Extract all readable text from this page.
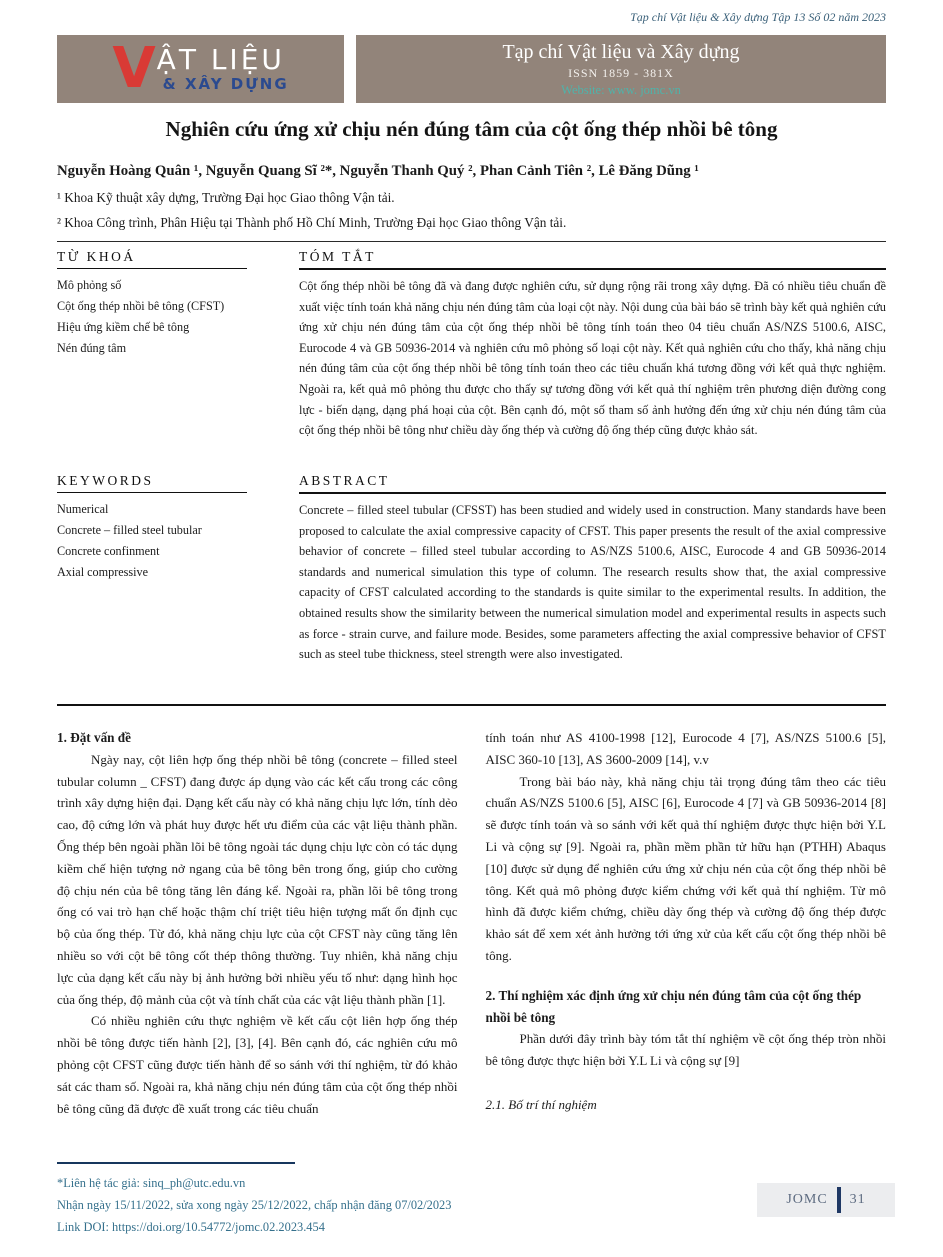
Tạp chí Vật liệu & Xây dựng Tập 13 Số 02 năm 2023
V ẬT LIỆU
& XÂY DỰNG
Tạp chí Vật liệu và Xây dựng
ISSN 1859 - 381X
Website: www. jomc.vn
Nghiên cứu ứng xử chịu nén đúng tâm của cột ống thép nhồi bê tông
Nguyễn Hoàng Quân ¹, Nguyễn Quang Sĩ ²*, Nguyễn Thanh Quý ², Phan Cảnh Tiên ², Lê Đăng Dũng ¹
¹ Khoa Kỹ thuật xây dựng, Trường Đại học Giao thông Vận tải.
² Khoa Công trình, Phân Hiệu tại Thành phố Hồ Chí Minh, Trường Đại học Giao thông Vận tải.
TỪ KHOÁ
Mô phỏng số
Cột ống thép nhồi bê tông (CFST)
Hiệu ứng kiềm chế bê tông
Nén đúng tâm
TÓM TẮT

Cột ống thép nhồi bê tông đã và đang được nghiên cứu, sử dụng rộng rãi trong xây dựng. Đã có nhiều tiêu chuẩn đề xuất việc tính toán khả năng chịu nén đúng tâm của loại cột này. Nội dung của bài báo sẽ trình bày kết quả nghiên cứu ứng xử chịu nén đúng tâm của cột ống thép nhồi bê tông tính toán theo 04 tiêu chuẩn AS/NZS 5100.6, AISC, Eurocode 4 và GB 50936-2014 và nghiên cứu mô phỏng số loại cột này. Kết quả nghiên cứu cho thấy, khả năng chịu nén đúng tâm của cột ống thép nhồi bê tông tính toán theo các tiêu chuẩn khá tương đồng với kết quả thực nghiệm. Ngoài ra, kết quả mô phỏng thu được cho thấy sự tương đồng với kết quả thí nghiệm trên phương diện đường cong lực - biến dạng, dạng phá hoại của cột. Bên cạnh đó, một số tham số ảnh hưởng đến ứng xử chịu nén đúng tâm của cột ống thép nhồi bê tông như chiều dày ống thép và cường độ ống thép cũng được khảo sát.

KEYWORDS
Numerical
Concrete – filled steel tubular
Concrete confinment
Axial compressive
ABSTRACT

Concrete – filled steel tubular (CFSST) has been studied and widely used in construction. Many standards have been proposed to calculate the axial compressive capacity of CFST. This paper presents the result of the axial compressive behavior of concrete – filled steel tubular according to AS/NZS 5100.6, AISC, Eurocode 4 and GB 50936-2014 standards and numerical simulation this type of column. The research results show that, the axial compressive capacity of CFST calculated according to the standards is quite similar to the experimental results. In addition, the obtained results show the similarity between the numerical simulation model and experimental results in aspects such as force - strain curve, and failure mode. Besides, some parameters affecting the axial compressive behavior of CFST such as steel tube thickness, steel strength were also investigated.

1. Đặt vấn đề

Ngày nay, cột liên hợp ống thép nhồi bê tông (concrete – filled steel tubular column _ CFST) đang được áp dụng vào các kết cấu trong các công trình xây dựng hiện đại. Dạng kết cấu này có khả năng chịu lực lớn, tính dẻo cao, độ cứng lớn và phát huy được hết ưu điểm của các vật liệu thành phần. Ống thép bên ngoài phần lõi bê tông ngoài tác dụng chịu lực còn có tác dụng kiềm chế hiện tượng nở ngang của bê tông bên trong ống, giúp cho cường độ chịu nén của bê tông tăng lên đáng kể. Ngoài ra, phần lõi bê tông trong ống có vai trò hạn chế hoặc thậm chí triệt tiêu hiện tượng mất ổn định cục bộ của ống thép. Từ đó, khả năng chịu lực của cột CFST này cũng tăng lên nhiều so với cột bê tông cốt thép thông thường. Tuy nhiên, khả năng chịu lực của dạng kết cấu này bị ảnh hưởng bởi nhiều yếu tố như: dạng hình học của ống thép, độ mảnh của cột và tính chất của các vật liệu thành phần [1].

Có nhiều nghiên cứu thực nghiệm về kết cấu cột liên hợp ống thép nhồi bê tông được tiến hành [2], [3], [4]. Bên cạnh đó, các nghiên cứu mô phỏng cột CFST cũng được tiến hành để so sánh với thí nghiệm, từ đó khảo sát các tham số. Ngoài ra, khả năng chịu nén đúng tâm của cột ống thép nhồi bê tông cũng đã được đề xuất trong các tiêu chuẩn

tính toán như AS 4100-1998 [12], Eurocode 4 [7], AS/NZS 5100.6 [5], AISC 360-10 [13], AS 3600-2009 [14], v.v

Trong bài báo này, khả năng chịu tải trọng đúng tâm theo các tiêu chuẩn AS/NZS 5100.6 [5], AISC [6], Eurocode 4 [7] và GB 50936-2014 [8] sẽ được tính toán và so sánh với kết quả thí nghiệm được thực hiện bởi Y.L Li và cộng sự [9]. Ngoài ra, phần mềm phần tử hữu hạn (PTHH) Abaqus [10] được sử dụng để nghiên cứu ứng xử chịu nén của cột ống thép nhồi bê tông. Kết quả mô phỏng được kiểm chứng với kết quả thí nghiệm. Từ mô hình đã được kiểm chứng, chiều dày ống thép và cường độ ống thép được khảo sát để xem xét ảnh hưởng tới ứng xử của kết cấu cột ống thép nhồi bê tông.

2. Thí nghiệm xác định ứng xử chịu nén đúng tâm của cột ống thép nhồi bê tông

Phần dưới đây trình bày tóm tắt thí nghiệm về cột ống thép tròn nhồi bê tông được thực hiện bởi Y.L Li và cộng sự [9]

2.1. Bố trí thí nghiệm

*Liên hệ tác giả: sinq_ph@utc.edu.vn
Nhận ngày 15/11/2022, sửa xong ngày 25/12/2022, chấp nhận đăng 07/02/2023
Link DOI: https://doi.org/10.54772/jomc.02.2023.454
JOMC 31
